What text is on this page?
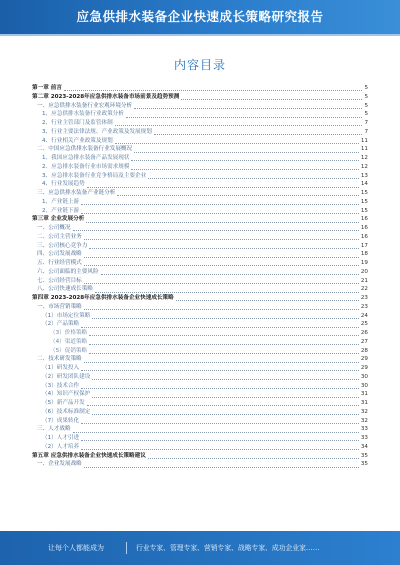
应急供排水装备企业快速成长策略研究报告
内容目录
第一章 前言	5
第二章 2023-2028年应急供排水装备市场前景及趋势预测	5
一、应急供排水装备行业宏观环境分析	5
1、应急供排水装备行业政策分析	5
2、行业主管部门及监管体制	7
3、行业主要法律法规、产业政策及发展规划	7
4、行业相关产业政策及规划	11
二、中国应急供排水装备行业发展概况	11
1、我国应急排水装备产品发展现状	12
2、应急排水装备行业市场需求规模	12
3、应急排水装备行业竞争格局及主要企业	13
4、行业发展趋势	14
三、应急供排水装备产业链分析	15
1、产业链上游	15
2、产业链下游	15
第三章 企业发展分析	16
一、公司概况	16
二、公司主营业务	16
三、公司核心竞争力	17
四、公司发展战略	18
五、行业经营模式	19
六、公司面临的主要风险	20
七、公司经营目标	21
八、公司快速成长策略	22
第四章 2023-2028年应急供排水装备企业快速成长策略	23
一、市场营销策略	23
（1）市场定位策略	24
（2）产品策略	25
（3）价格策略	26
（4）渠道策略	27
（5）促销策略	28
二、技术研发策略	29
（1）研发投入	29
（2）研发团队建设	30
（3）技术合作	30
（4）知识产权保护	31
（5）新产品开发	31
（6）技术标准制定	32
（7）成果转化	32
三、人才战略	33
（1）人才引进	33
（2）人才培养	34
第五章 应急供排水装备企业快速成长策略建议	35
一、企业发展战略	35
让每个人都能成为	行业专家、管理专家、营销专家、战略专家、成功企业家……
